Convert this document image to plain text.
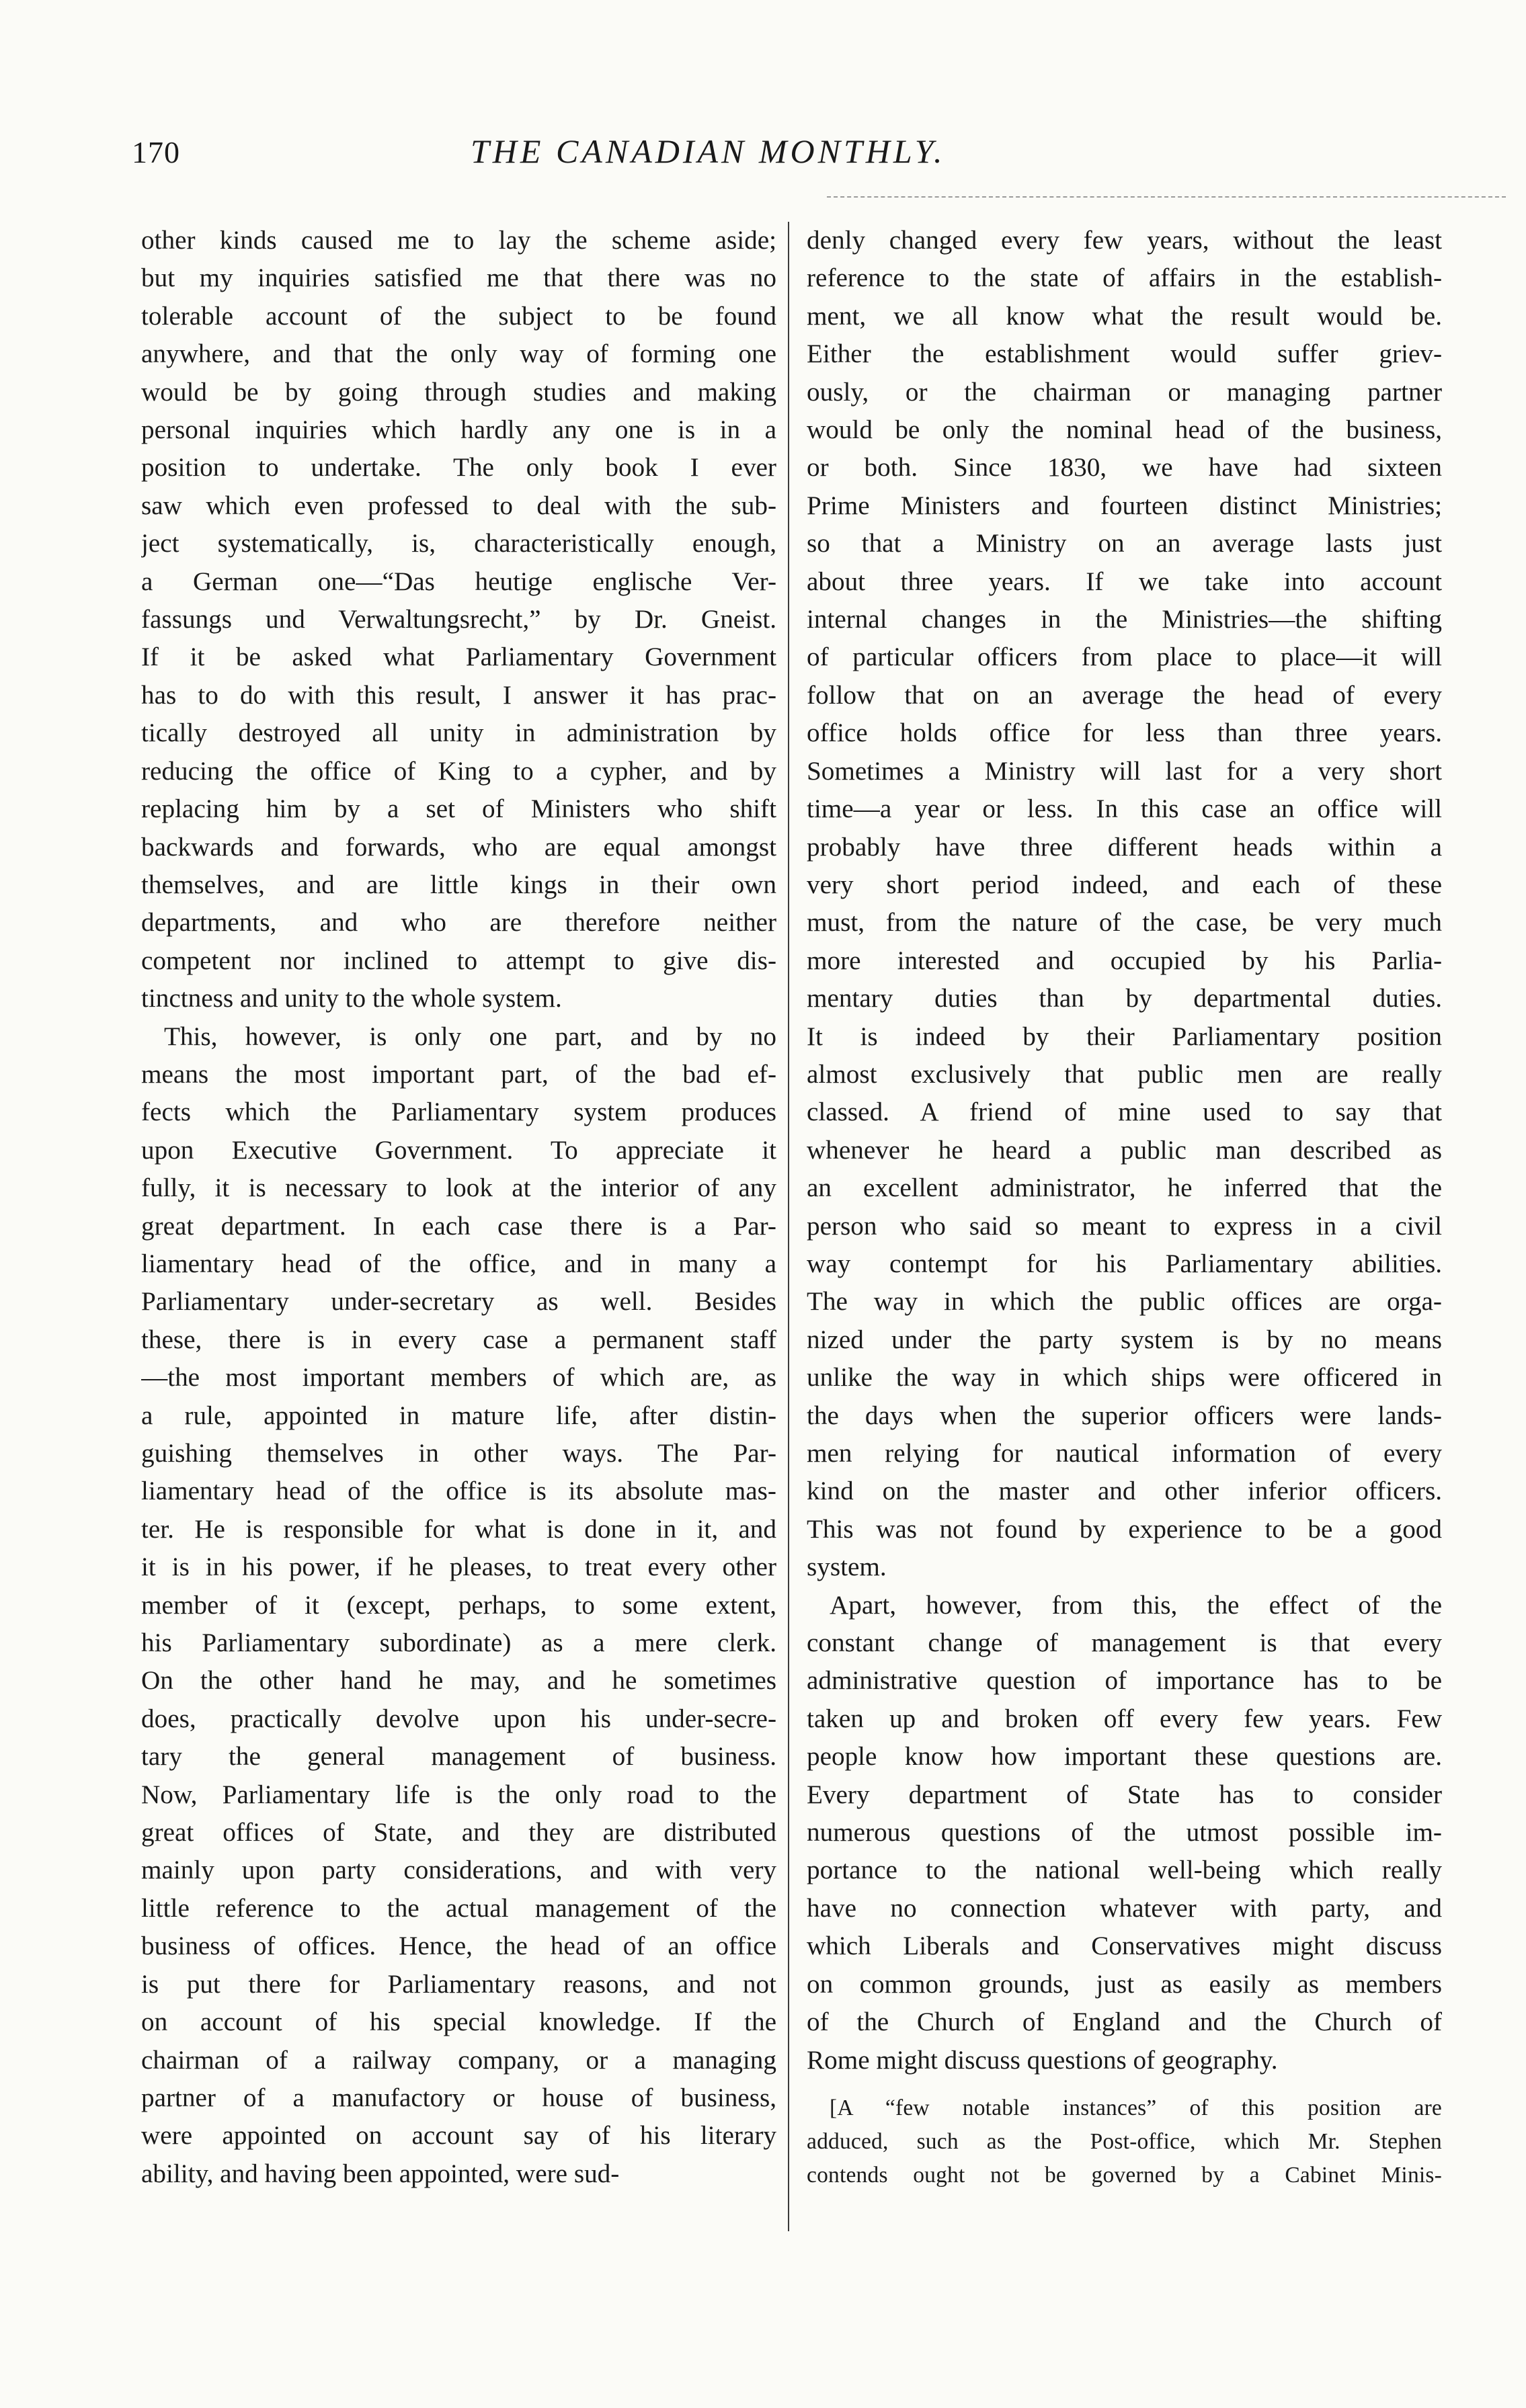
170	THE CANADIAN MONTHLY.
other kinds caused me to lay the scheme aside;
but my inquiries satisfied me that there was no
tolerable account of the subject to be found
anywhere, and that the only way of forming one
would be by going through studies and making
personal inquiries which hardly any one is in a
position to undertake. The only book I ever
saw which even professed to deal with the sub-
ject systematically, is, characteristically enough,
a German one—“Das heutige englische Ver-
fassungs und Verwaltungsrecht,” by Dr. Gneist.
If it be asked what Parliamentary Government
has to do with this result, I answer it has prac-
tically destroyed all unity in administration by
reducing the office of King to a cypher, and by
replacing him by a set of Ministers who shift
backwards and forwards, who are equal amongst
themselves, and are little kings in their own
departments, and who are therefore neither
competent nor inclined to attempt to give dis-
tinctness and unity to the whole system.
This, however, is only one part, and by no
means the most important part, of the bad ef-
fects which the Parliamentary system produces
upon Executive Government. To appreciate it
fully, it is necessary to look at the interior of any
great department. In each case there is a Par-
liamentary head of the office, and in many a
Parliamentary under-secretary as well. Besides
these, there is in every case a permanent staff
—the most important members of which are, as
a rule, appointed in mature life, after distin-
guishing themselves in other ways. The Par-
liamentary head of the office is its absolute mas-
ter. He is responsible for what is done in it, and
it is in his power, if he pleases, to treat every other
member of it (except, perhaps, to some extent,
his Parliamentary subordinate) as a mere clerk.
On the other hand he may, and he sometimes
does, practically devolve upon his under-secre-
tary the general management of business.
Now, Parliamentary life is the only road to the
great offices of State, and they are distributed
mainly upon party considerations, and with very
little reference to the actual management of the
business of offices. Hence, the head of an office
is put there for Parliamentary reasons, and not
on account of his special knowledge. If the
chairman of a railway company, or a managing
partner of a manufactory or house of business,
were appointed on account say of his literary
ability, and having been appointed, were sud-
denly changed every few years, without the least
reference to the state of affairs in the establish-
ment, we all know what the result would be.
Either the establishment would suffer griev-
ously, or the chairman or managing partner
would be only the nominal head of the business,
or both. Since 1830, we have had sixteen
Prime Ministers and fourteen distinct Ministries;
so that a Ministry on an average lasts just
about three years. If we take into account
internal changes in the Ministries—the shifting
of particular officers from place to place—it will
follow that on an average the head of every
office holds office for less than three years.
Sometimes a Ministry will last for a very short
time—a year or less. In this case an office will
probably have three different heads within a
very short period indeed, and each of these
must, from the nature of the case, be very much
more interested and occupied by his Parlia-
mentary duties than by departmental duties.
It is indeed by their Parliamentary position
almost exclusively that public men are really
classed. A friend of mine used to say that
whenever he heard a public man described as
an excellent administrator, he inferred that the
person who said so meant to express in a civil
way contempt for his Parliamentary abilities.
The way in which the public offices are orga-
nized under the party system is by no means
unlike the way in which ships were officered in
the days when the superior officers were lands-
men relying for nautical information of every
kind on the master and other inferior officers.
This was not found by experience to be a good
system.
Apart, however, from this, the effect of the
constant change of management is that every
administrative question of importance has to be
taken up and broken off every few years. Few
people know how important these questions are.
Every department of State has to consider
numerous questions of the utmost possible im-
portance to the national well-being which really
have no connection whatever with party, and
which Liberals and Conservatives might discuss
on common grounds, just as easily as members
of the Church of England and the Church of
Rome might discuss questions of geography.
[A “few notable instances” of this position are
adduced, such as the Post-office, which Mr. Stephen
contends ought not be governed by a Cabinet Minis-
